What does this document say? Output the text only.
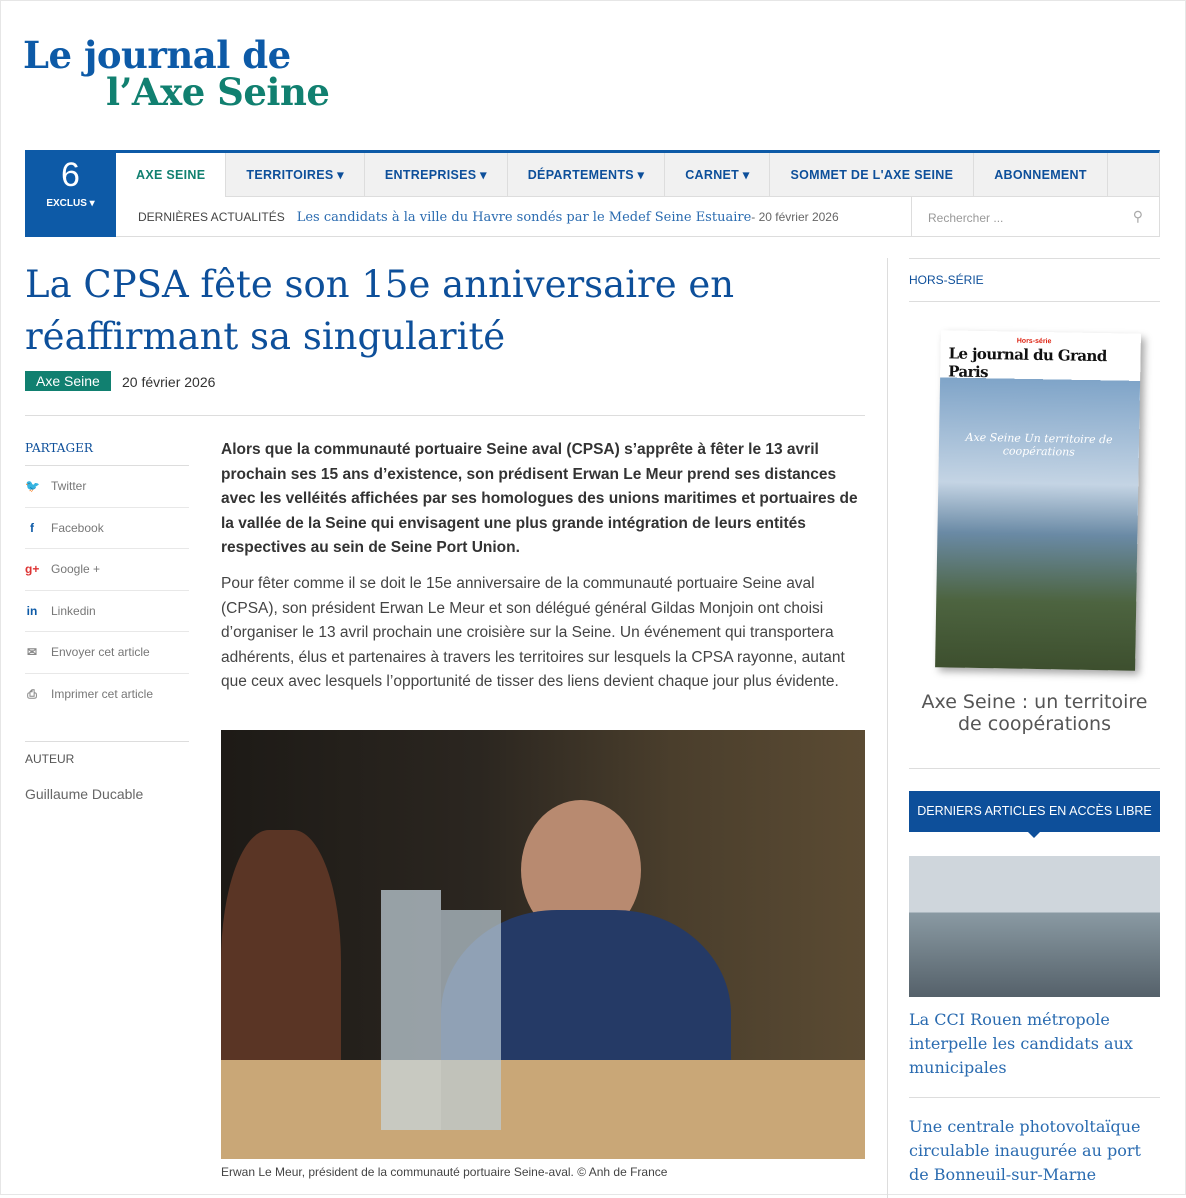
Le journal de
l’Axe Seine
6
EXCLUS ▾
AXE SEINE	TERRITOIRES ▾	ENTREPRISES ▾	DÉPARTEMENTS ▾	CARNET ▾	SOMMET DE L'AXE SEINE	ABONNEMENT
DERNIÈRES ACTUALITÉS Les candidats à la ville du Havre sondés par le Medef Seine Estuaire- 20 février 2026	Rechercher ...	⚲
La CPSA fête son 15e anniversaire en réaffirmant sa singularité
Axe Seine	20 février 2026
PARTAGER
🐦 Twitter
f	Facebook
g+ Google +
in Linkedin
✉ Envoyer cet article
⎙ Imprimer cet article
AUTEUR
Guillaume Ducable

Alors que la communauté portuaire Seine aval (CPSA) s’apprête à fêter le 13 avril prochain ses 15 ans d’existence, son prédisent Erwan Le Meur prend ses distances avec les velléités affichées par ses homologues des unions maritimes et portuaires de la vallée de la Seine qui envisagent une plus grande intégration de leurs entités respectives au sein de Seine Port Union.

Pour fêter comme il se doit le 15e anniversaire de la communauté portuaire Seine aval (CPSA), son président Erwan Le Meur et son délégué général Gildas Monjoin ont choisi d’organiser le 13 avril prochain une croisière sur la Seine. Un événement qui transportera adhérents, élus et partenaires à travers les territoires sur lesquels la CPSA rayonne, autant que ceux avec lesquels l’opportunité de tisser des liens devient chaque jour plus évidente.

Erwan Le Meur, président de la communauté portuaire Seine-aval. © Anh de France
HORS-SÉRIE
Hors-série
Le journal du Grand Paris
Axe Seine Un territoire de coopérations
Axe Seine : un territoire de coopérations
DERNIERS ARTICLES EN ACCÈS LIBRE
La CCI Rouen métropole interpelle les candidats aux municipales
Une centrale photovoltaïque circulable inaugurée au port de Bonneuil-sur-Marne
